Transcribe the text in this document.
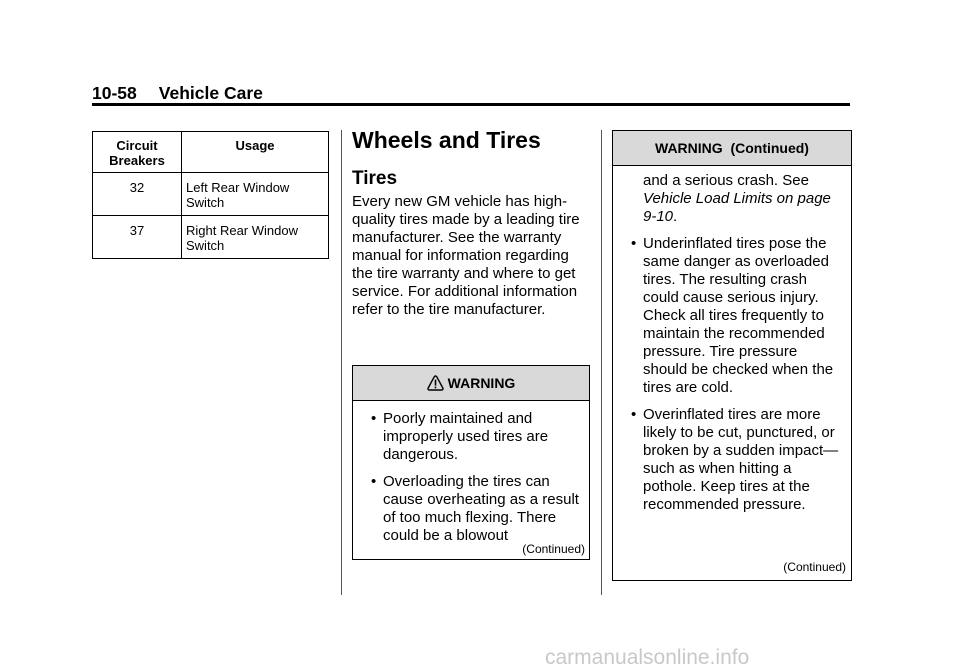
10-58 Vehicle Care
Circuit Breakers	Usage
32	Left Rear Window Switch
37	Right Rear Window Switch
Wheels and Tires
Tires
Every new GM vehicle has high-quality tires made by a leading tire manufacturer. See the warranty manual for information regarding the tire warranty and where to get service. For additional information refer to the tire manufacturer.
WARNING
• Poorly maintained and improperly used tires are dangerous.
• Overloading the tires can cause overheating as a result of too much flexing. There could be a blowout
(Continued)
WARNING  (Continued)
and a serious crash. See Vehicle Load Limits on page 9-10.
• Underinflated tires pose the same danger as overloaded tires. The resulting crash could cause serious injury. Check all tires frequently to maintain the recommended pressure. Tire pressure should be checked when the tires are cold.
• Overinflated tires are more likely to be cut, punctured, or broken by a sudden impact— such as when hitting a pothole. Keep tires at the recommended pressure.
(Continued)
carmanualsonline.info
